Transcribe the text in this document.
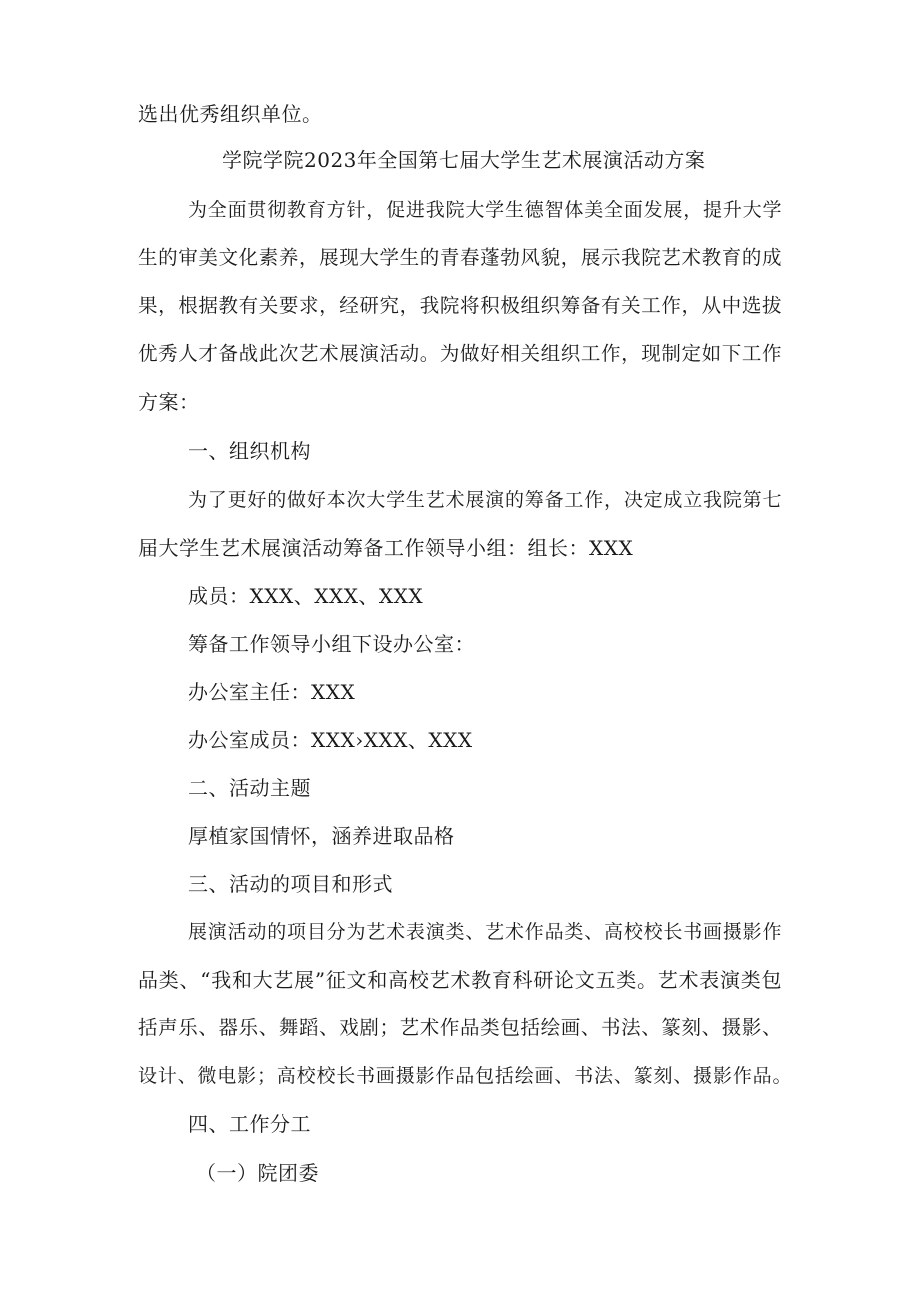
选出优秀组织单位。
学院学院2023年全国第七届大学生艺术展演活动方案
为全面贯彻教育方针，促进我院大学生德智体美全面发展，提升大学
生的审美文化素养，展现大学生的青春蓬勃风貌，展示我院艺术教育的成
果，根据教有关要求，经研究，我院将积极组织筹备有关工作，从中选拔
优秀人才备战此次艺术展演活动。为做好相关组织工作，现制定如下工作
方案：
一、组织机构
为了更好的做好本次大学生艺术展演的筹备工作，决定成立我院第七
届大学生艺术展演活动筹备工作领导小组：组长：XXX
成员：XXX、XXX、XXX
筹备工作领导小组下设办公室：
办公室主任：XXX
办公室成员：XXX›XXX、XXX
二、活动主题
厚植家国情怀，涵养进取品格
三、活动的项目和形式
展演活动的项目分为艺术表演类、艺术作品类、高校校长书画摄影作
品类、“我和大艺展”征文和高校艺术教育科研论文五类。艺术表演类包
括声乐、器乐、舞蹈、戏剧；艺术作品类包括绘画、书法、篆刻、摄影、
设计、微电影；高校校长书画摄影作品包括绘画、书法、篆刻、摄影作品。
四、工作分工
（一）院团委
